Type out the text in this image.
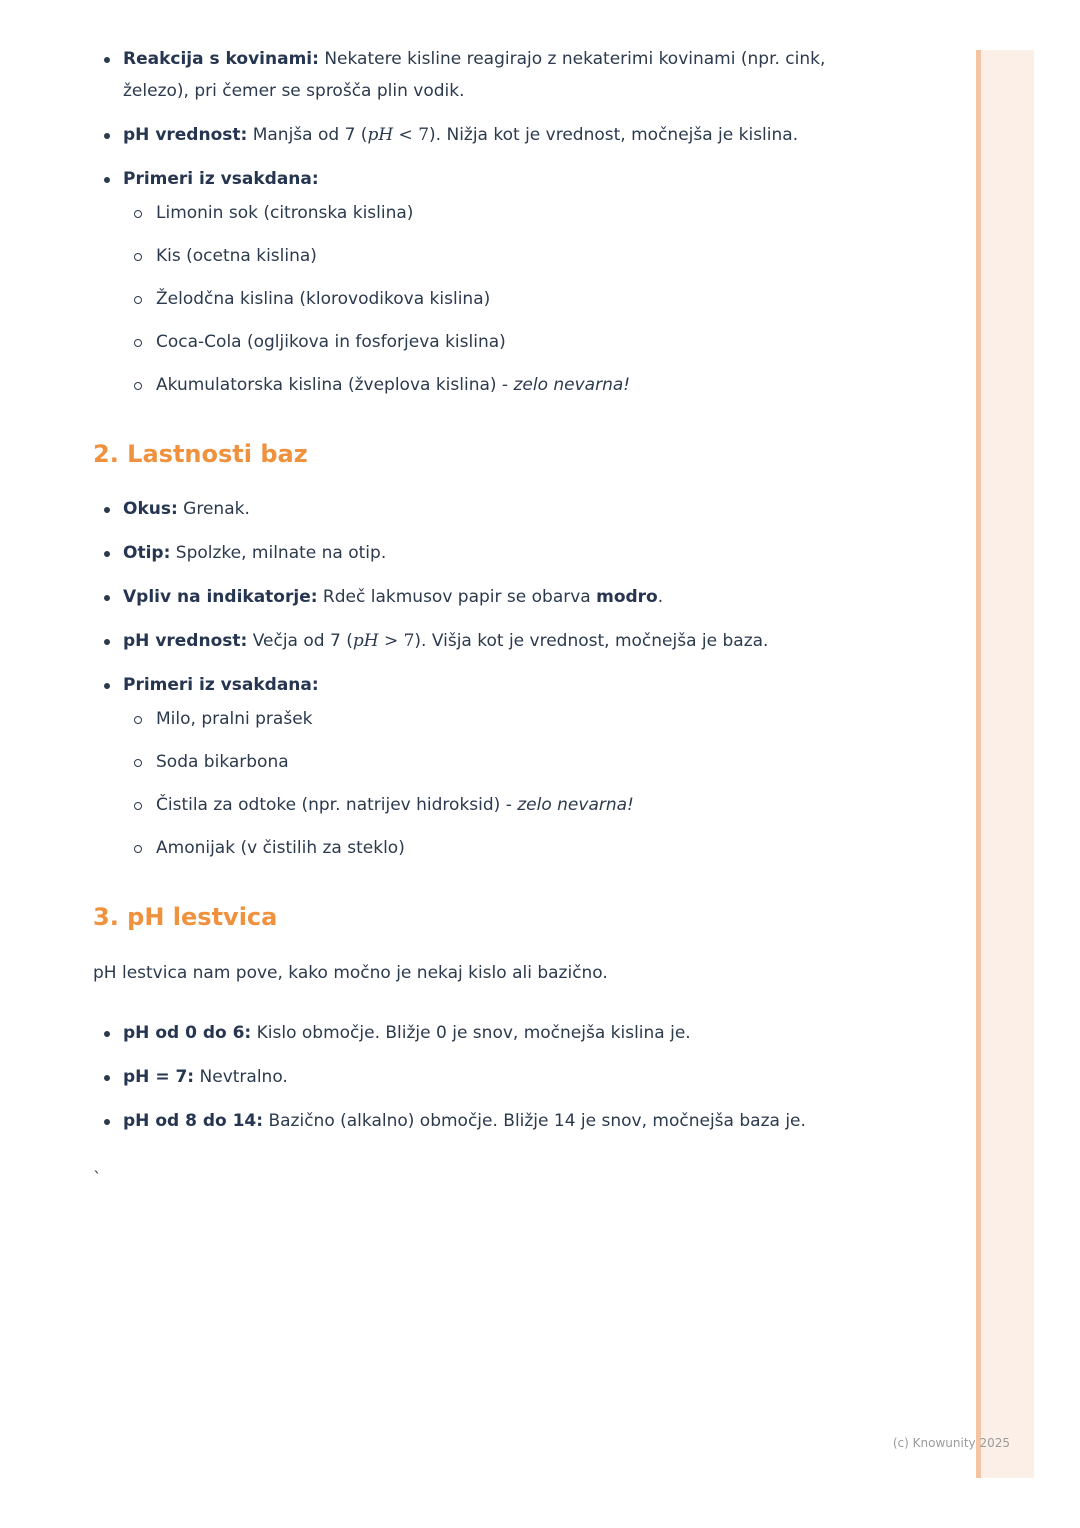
Reakcija s kovinami: Nekatere kisline reagirajo z nekaterimi kovinami (npr. cink, železo), pri čemer se sprošča plin vodik.
pH vrednost: Manjša od 7 (pH < 7). Nižja kot je vrednost, močnejša je kislina.
Primeri iz vsakdana:
Limonin sok (citronska kislina)
Kis (ocetna kislina)
Želodčna kislina (klorovodikova kislina)
Coca-Cola (ogljikova in fosforjeva kislina)
Akumulatorska kislina (žveplova kislina) - zelo nevarna!
2. Lastnosti baz
Okus: Grenak.
Otip: Spolzke, milnate na otip.
Vpliv na indikatorje: Rdeč lakmusov papir se obarva modro.
pH vrednost: Večja od 7 (pH > 7). Višja kot je vrednost, močnejša je baza.
Primeri iz vsakdana:
Milo, pralni prašek
Soda bikarbona
Čistila za odtoke (npr. natrijev hidroksid) - zelo nevarna!
Amonijak (v čistilih za steklo)
3. pH lestvica

pH lestvica nam pove, kako močno je nekaj kislo ali bazično.

pH od 0 do 6: Kislo območje. Bližje 0 je snov, močnejša kislina je.
pH = 7: Nevtralno.
pH od 8 do 14: Bazično (alkalno) območje. Bližje 14 je snov, močnejša baza je.
`
(c) Knowunity 2025
